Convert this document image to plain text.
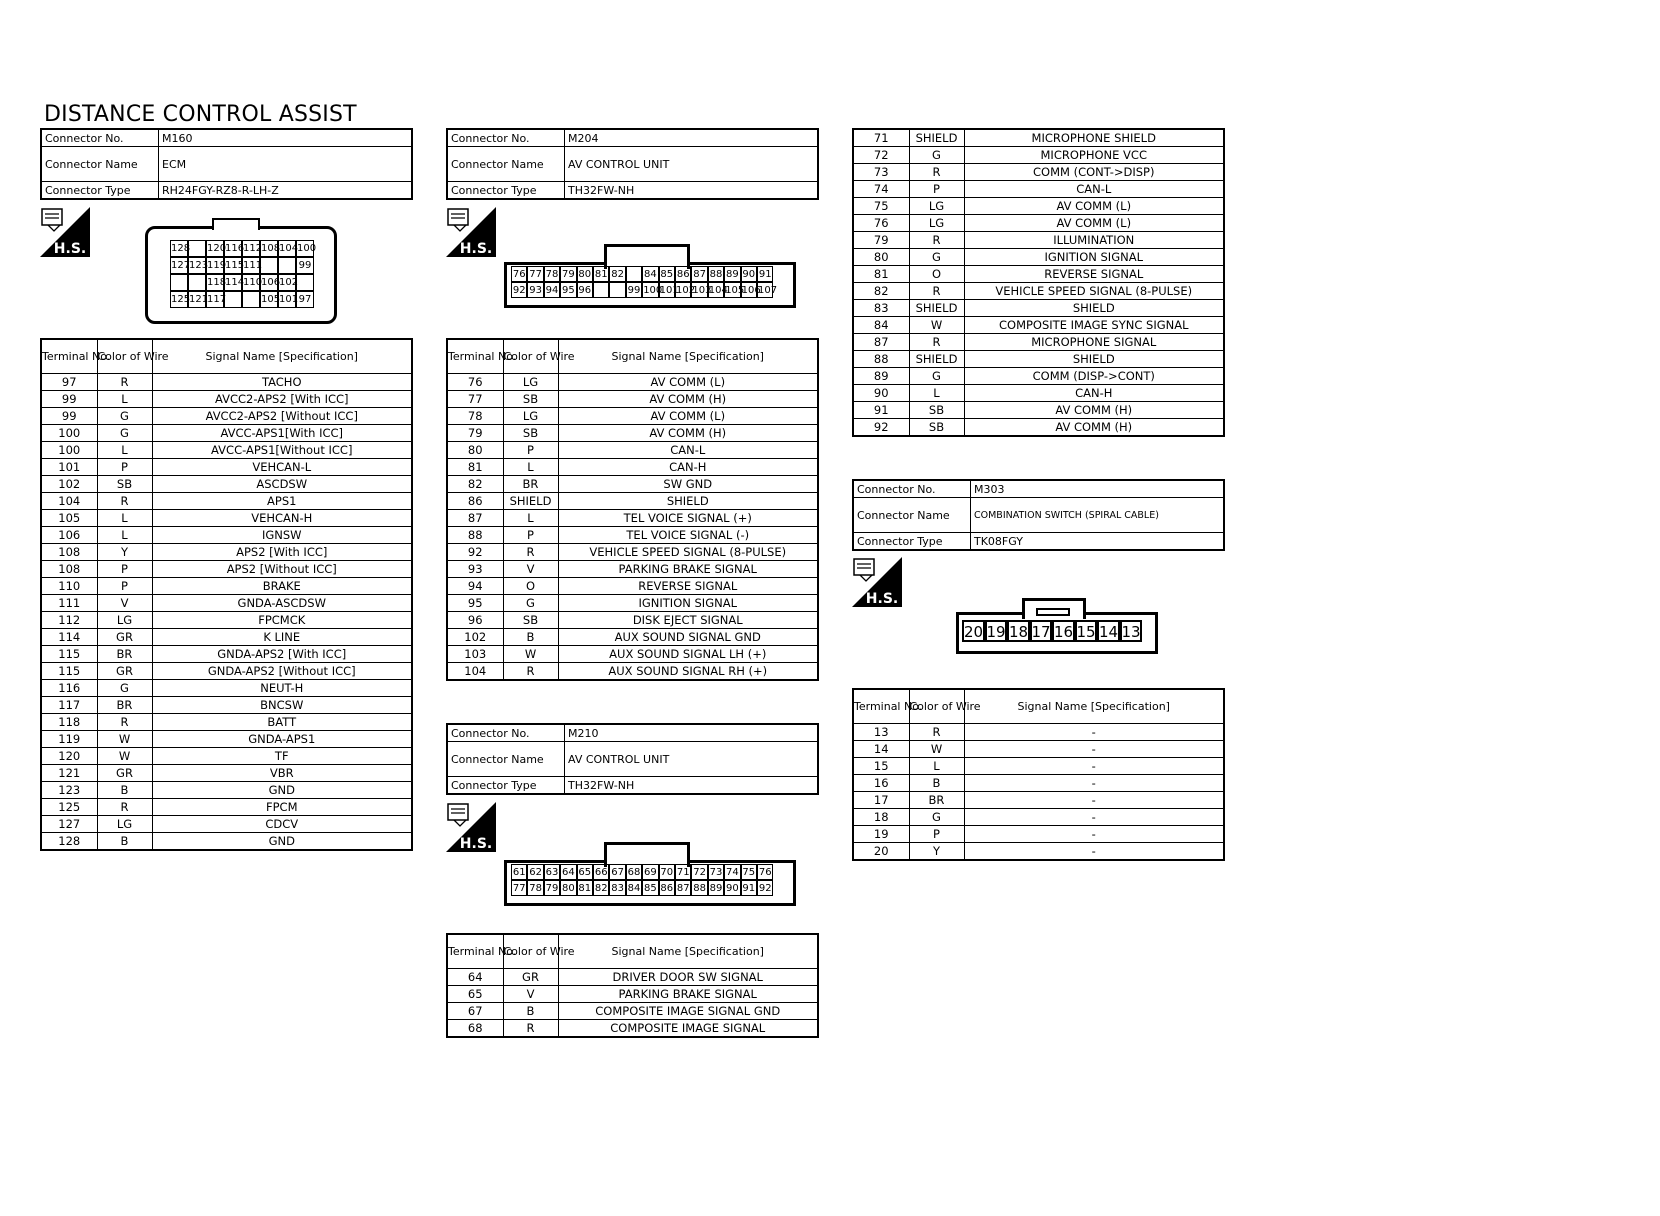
DISTANCE CONTROL ASSIST
Connector No.	M160
Connector Name	ECM
Connector Type	RH24FGY-RZ8-R-LH-Z
H.S.
Terminal No.	Color of Wire	Signal Name [Specification]
97	R	TACHO
99	L	AVCC2-APS2 [With ICC]
99	G	AVCC2-APS2 [Without ICC]
100	G	AVCC-APS1[With ICC]
100	L	AVCC-APS1[Without ICC]
101	P	VEHCAN-L
102	SB	ASCDSW
104	R	APS1
105	L	VEHCAN-H
106	L	IGNSW
108	Y	APS2 [With ICC]
108	P	APS2 [Without ICC]
110	P	BRAKE
111	V	GNDA-ASCDSW
112	LG	FPCMCK
114	GR	K LINE
115	BR	GNDA-APS2 [With ICC]
115	GR	GNDA-APS2 [Without ICC]
116	G	NEUT-H
117	BR	BNCSW
118	R	BATT
119	W	GNDA-APS1
120	W	TF
121	GR	VBR
123	B	GND
125	R	FPCM
127	LG	CDCV
128	B	GND
Connector No.	M204
Connector Name	AV CONTROL UNIT
Connector Type	TH32FW-NH
H.S.
Terminal No.	Color of Wire	Signal Name [Specification]
76	LG	AV COMM (L)
77	SB	AV COMM (H)
78	LG	AV COMM (L)
79	SB	AV COMM (H)
80	P	CAN-L
81	L	CAN-H
82	BR	SW GND
86	SHIELD	SHIELD
87	L	TEL VOICE SIGNAL (+)
88	P	TEL VOICE SIGNAL (-)
92	R	VEHICLE SPEED SIGNAL (8-PULSE)
93	V	PARKING BRAKE SIGNAL
94	O	REVERSE SIGNAL
95	G	IGNITION SIGNAL
96	SB	DISK EJECT SIGNAL
102	B	AUX SOUND SIGNAL GND
103	W	AUX SOUND SIGNAL LH (+)
104	R	AUX SOUND SIGNAL RH (+)
Connector No.	M210
Connector Name	AV CONTROL UNIT
Connector Type	TH32FW-NH
H.S.
Terminal No.	Color of Wire	Signal Name [Specification]
64	GR	DRIVER DOOR SW SIGNAL
65	V	PARKING BRAKE SIGNAL
67	B	COMPOSITE IMAGE SIGNAL GND
68	R	COMPOSITE IMAGE SIGNAL
71	SHIELD	MICROPHONE SHIELD
72	G	MICROPHONE VCC
73	R	COMM (CONT->DISP)
74	P	CAN-L
75	LG	AV COMM (L)
76	LG	AV COMM (L)
79	R	ILLUMINATION
80	G	IGNITION SIGNAL
81	O	REVERSE SIGNAL
82	R	VEHICLE SPEED SIGNAL (8-PULSE)
83	SHIELD	SHIELD
84	W	COMPOSITE IMAGE SYNC SIGNAL
87	R	MICROPHONE SIGNAL
88	SHIELD	SHIELD
89	G	COMM (DISP->CONT)
90	L	CAN-H
91	SB	AV COMM (H)
92	SB	AV COMM (H)
Connector No.	M303
Connector Name	COMBINATION SWITCH (SPIRAL CABLE)
Connector Type	TK08FGY
H.S.
Terminal No.	Color of Wire	Signal Name [Specification]
13	R	-
14	W	-
15	L	-
16	B	-
17	BR	-
18	G	-
19	P	-
20	Y	-
128 120
116
112
108
104
100
127
123
119
115
111	99
118
114
110
106
102
125
121
117	105
101 97
76 77 78 79 80 81 82 84 85 86 87 88 89 90 91
92 93 94 95 96	99 100
101
102
103
104
105
106
107
61 62 63 64 65 66 67 68 69 70 71 72 73 74 75 76
77 78 79 80 81 82 83 84 85 86 87 88 89 90 91 92
20 19 18 17 16 15 14 13
